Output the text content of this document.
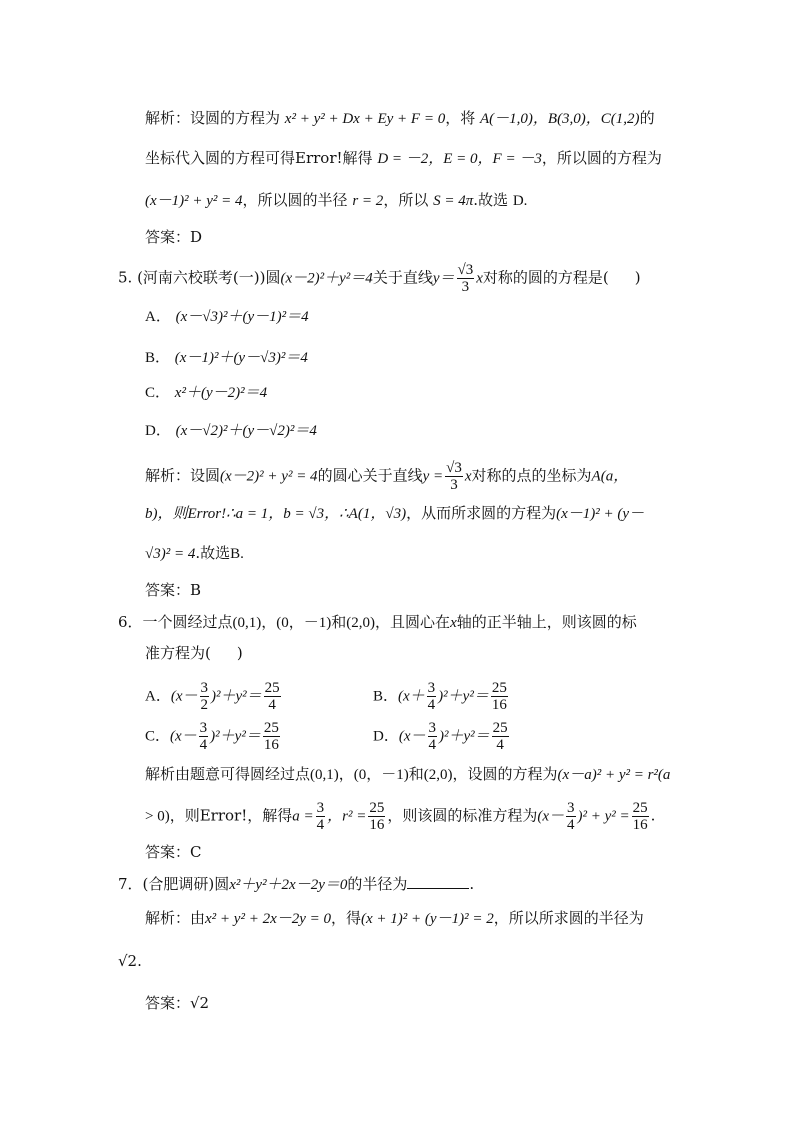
解析：设圆的方程为 x² + y² + Dx + Ey + F = 0，将 A(－1,0)，B(3,0)，C(1,2)的
坐标代入圆的方程可得Error!解得 D = －2，E = 0，F = －3，所以圆的方程为
(x－1)² + y² = 4，所以圆的半径 r = 2，所以 S = 4π.故选 D.
答案：D
5. (河南六校联考(一))圆(x－2)²＋y²＝4关于直线$y= \frac{√3}{3}$ x对称的圆的方程是( )
A． (x－√3)²＋(y－1)²＝4
B． (x－1)²＋(y－√3)²＝4
C． x²＋(y－2)²＝4
D． (x－√2)²＋(y－√2)²＝4
解析：设圆(x－2)² + y² = 4的圆心关于直线$y = \frac{√3}{3}$ x对称的点的坐标为A(a，
b)，则Error!∴a = 1，b = √3，∴A(1，√3)，从而所求圆的方程为(x－1)² + (y－
√3)² = 4.故选B.
答案：B
6．一个圆经过点(0,1)，(0，－1)和(2,0)，且圆心在x轴的正半轴上，则该圆的标
准方程为( )
A．$(x- \frac{3}{2} )^2+y^2= \frac{25}{4}$	B．$(x+ \frac{3}{4} )^2+y^2= \frac{25}{16}$
C．$(x- \frac{3}{4} )^2+y^2= \frac{25}{16}$	D．$(x- \frac{3}{4} )^2+y^2= \frac{25}{4}$
解析由题意可得圆经过点(0,1)，(0，－1)和(2,0)，设圆的方程为(x－a)² + y² = r²(a
> 0)，则Error!，解得$a = \frac{3}{4}$ ，$r^2 = \frac{25}{16}$ ，则该圆的标准方程为$(x- \frac{3}{4} )^2 + y^2 = \frac{25}{16}$ .
答案：C
7．(合肥调研)圆x²＋y²＋2x－2y＝0的半径为	.
解析：由x² + y² + 2x－2y = 0，得(x + 1)² + (y－1)² = 2，所以所求圆的半径为
√2.
答案：√2
